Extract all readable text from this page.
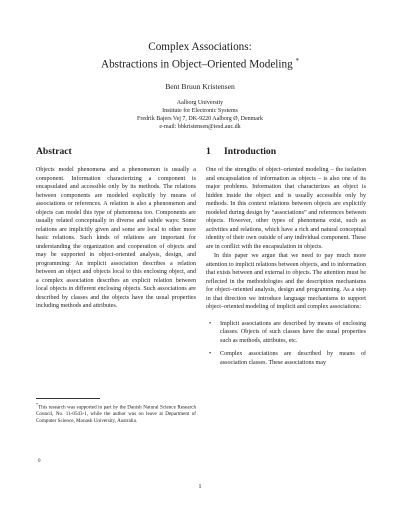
Complex Associations:
Abstractions in Object–Oriented Modeling *
Bent Bruun Kristensen
Aalborg University
Institute for Electronic Systems
Fredrik Bajers Vej 7, DK-9220 Aalborg Ø, Denmark
e-mail: bbkristensen@iesd.auc.dk
Abstract

Objects model phenomena and a phenomenon is usually a component. Information characterizing a component is encapsulated and accessible only by its methods. The relations between components are modeled explicitly by means of associations or references. A relation is also a phenomenon and objects can model this type of phenomena too. Components are usually related conceptually in diverse and subtle ways: Some relations are implicitly given and some are local to other more basic relations. Such kinds of relations are important for understanding the organization and cooperation of objects and may be supported in object-oriented analysis, design, and programming: An implicit association describes a relation between an object and objects local to this enclosing object, and a complex association describes an explicit relation between local objects in different enclosing objects. Such associations are described by classes and the objects have the usual properties including methods and attributes.

*This research was supported in part by the Danish Natural Science Research Council, No. 11-0543-1, while the author was on leave at Department of Computer Science, Monash University, Australia.
0
1 Introduction

One of the strengths of object–oriented modeling – the isolation and encapsulation of information as objects – is also one of its major problems. Information that characterizes an object is hidden inside the object and is usually accessible only by methods. In this context relations between objects are explicitly modeled during design by “associations” and references between objects. However, other types of phenomena exist, such as activities and relations, which have a rich and natural conceptual identity of their own outside of any individual component. These are in conflict with the encapsulation in objects.

In this paper we argue that we need to pay much more attention to implicit relations between objects, and to information that exists between and external to objects. The attention must be reflected in the methodologies and the description mechanisms for object–oriented analysis, design and programming. As a step in that direction we introduce language mechanisms to support object–oriented modeling of implicit and complex associations:

• Implicit associations are described by means of enclosing classes. Objects of such classes have the usual properties such as methods, attributes, etc.
• Complex associations are described by means of association classes. These associations may
1
